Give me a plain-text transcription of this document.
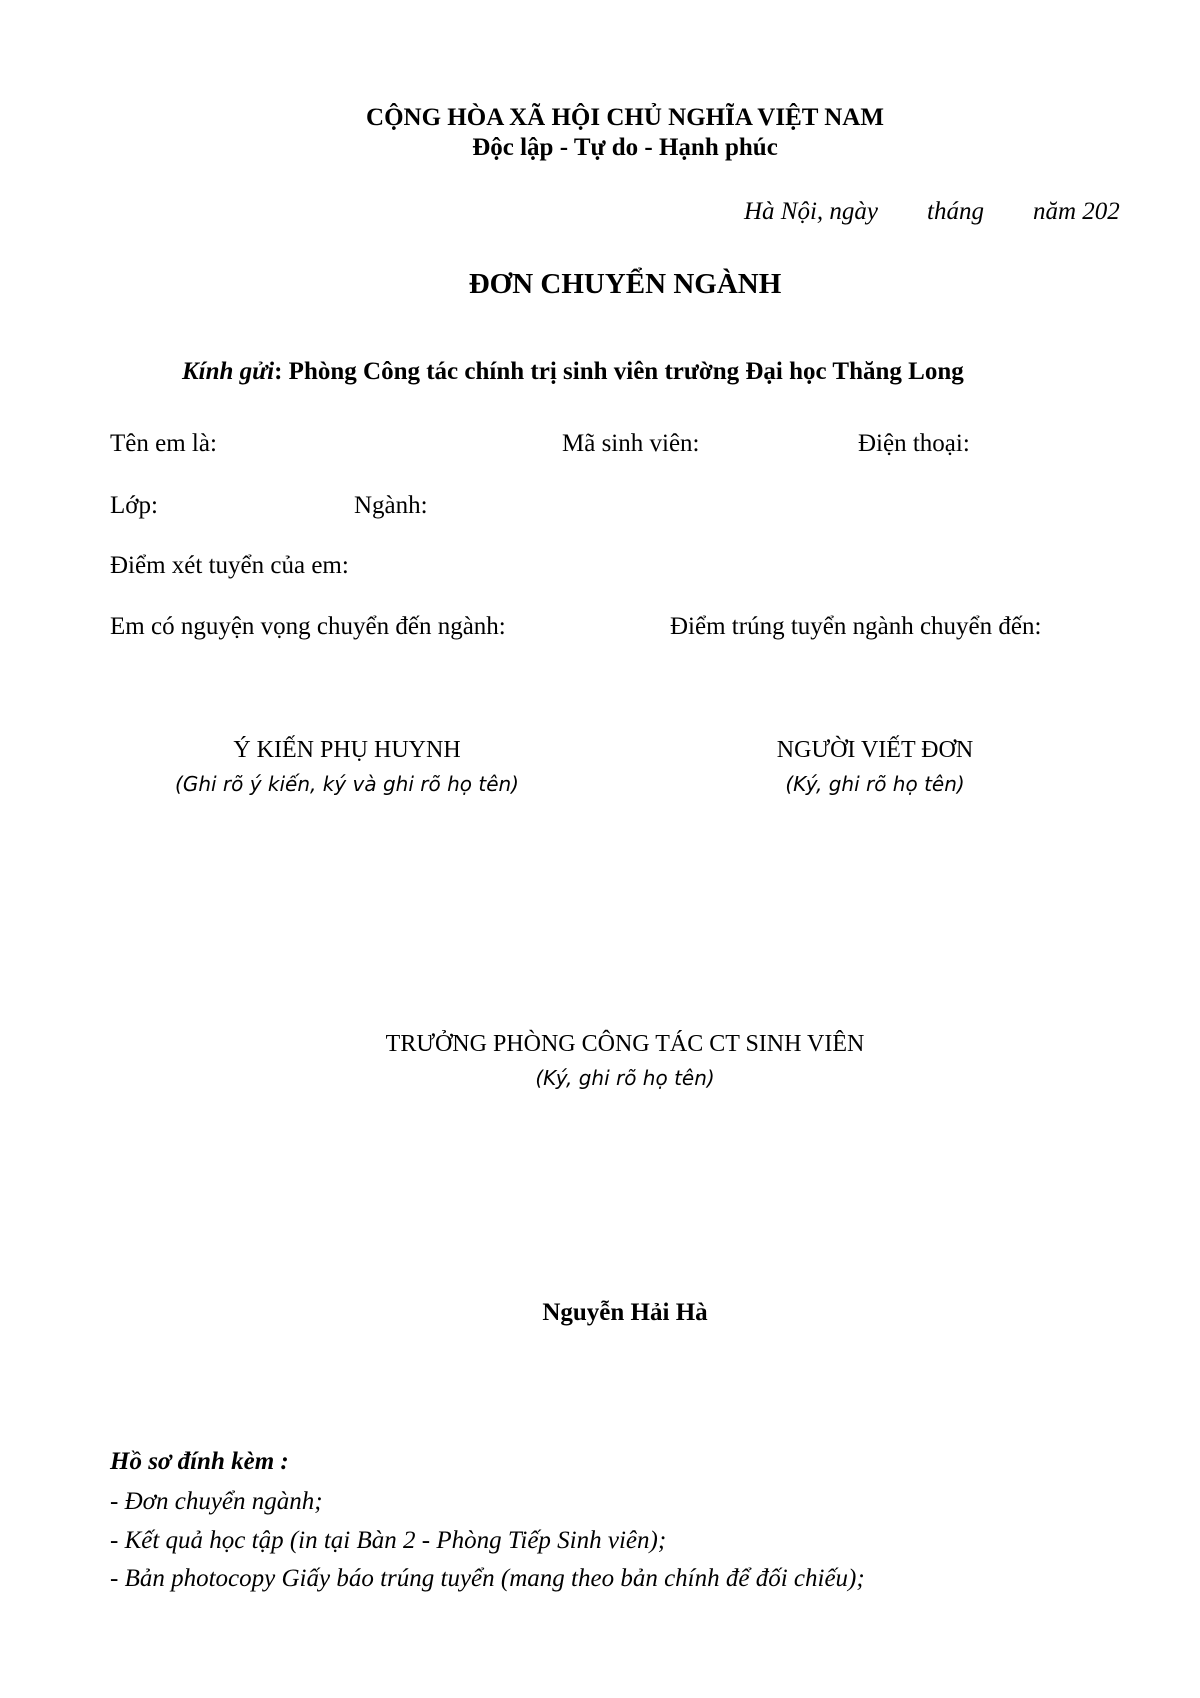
CỘNG HÒA XÃ HỘI CHỦ NGHĨA VIỆT NAM
Độc lập - Tự do - Hạnh phúc
Hà Nội, ngày tháng năm 202
ĐƠN CHUYỂN NGÀNH
Kính gửi: Phòng Công tác chính trị sinh viên trường Đại học Thăng Long
Tên em là:	Mã sinh viên:	Điện thoại:
Lớp:	Ngành:
Điểm xét tuyển của em:
Em có nguyện vọng chuyển đến ngành:	Điểm trúng tuyển ngành chuyển đến:
Ý KIẾN PHỤ HUYNH
(Ghi rõ ý kiến, ký và ghi rõ họ tên)
NGƯỜI VIẾT ĐƠN
(Ký, ghi rõ họ tên)
TRƯỞNG PHÒNG CÔNG TÁC CT SINH VIÊN
(Ký, ghi rõ họ tên)
Nguyễn Hải Hà
Hồ sơ đính kèm :
- Đơn chuyển ngành;
- Kết quả học tập (in tại Bàn 2 - Phòng Tiếp Sinh viên);
- Bản photocopy Giấy báo trúng tuyển (mang theo bản chính để đối chiếu);
